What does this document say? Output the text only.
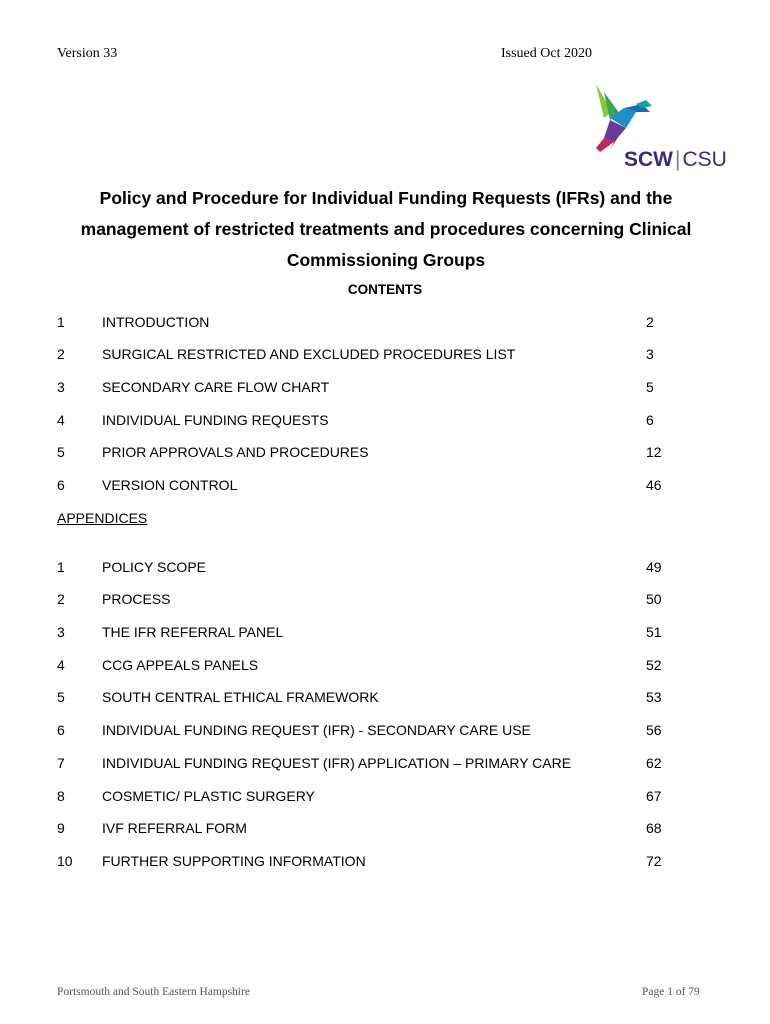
Version 33	Issued Oct 2020
SCW|CSU
Policy and Procedure for Individual Funding Requests (IFRs) and the
management of restricted treatments and procedures concerning Clinical
Commissioning Groups
CONTENTS
1	INTRODUCTION	2
2	SURGICAL RESTRICTED AND EXCLUDED PROCEDURES LIST	3
3	SECONDARY CARE FLOW CHART	5
4	INDIVIDUAL FUNDING REQUESTS	6
5	PRIOR APPROVALS AND PROCEDURES	12
6	VERSION CONTROL	46
APPENDICES
1	POLICY SCOPE	49
2	PROCESS	50
3	THE IFR REFERRAL PANEL	51
4	CCG APPEALS PANELS	52
5	SOUTH CENTRAL ETHICAL FRAMEWORK	53
6	INDIVIDUAL FUNDING REQUEST (IFR) - SECONDARY CARE USE	56
7	INDIVIDUAL FUNDING REQUEST (IFR) APPLICATION – PRIMARY CARE	62
8	COSMETIC/ PLASTIC SURGERY	67
9	IVF REFERRAL FORM	68
10 FURTHER SUPPORTING INFORMATION	72
Portsmouth and South Eastern Hampshire	Page 1 of 79
